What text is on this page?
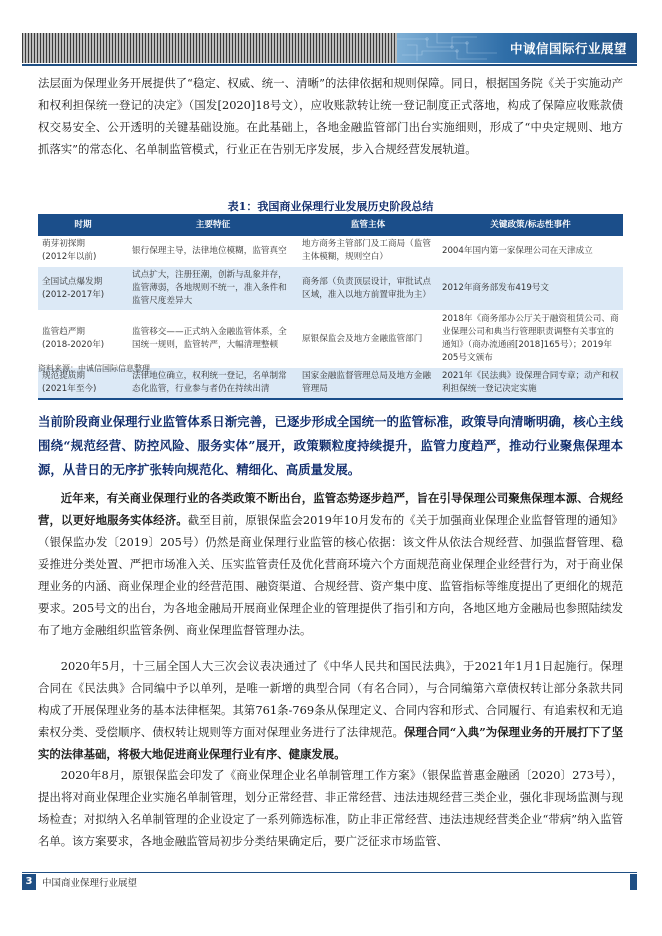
中诚信国际行业展望

法层面为保理业务开展提供了“稳定、权威、统一、清晰”的法律依据和规则保障。同日，根据国务院《关于实施动产和权利担保统一登记的决定》（国发[2020]18号文），应收账款转让统一登记制度正式落地，构成了保障应收账款债权交易安全、公开透明的关键基础设施。在此基础上，各地金融监管部门出台实施细则，形成了“中央定规则、地方抓落实”的常态化、名单制监管模式，行业正在告别无序发展，步入合规经营发展轨道。

表1：我国商业保理行业发展历史阶段总结
时期	主要特征	监管主体	关键政策/标志性事件
萌芽初探期
(2012年以前)	银行保理主导，法律地位模糊，监管真空	地方商务主管部门及工商局（监管主体模糊，规则空白）	2004年国内第一家保理公司在天津成立
全国试点爆发期
(2012-2017年)	试点扩大，注册狂潮，创新与乱象并存，监管薄弱，各地规则不统一，准入条件和监管尺度差异大	商务部（负责顶层设计，审批试点区域，准入以地方前置审批为主）	2012年商务部发布419号文
监管趋严期
(2018-2020年)	监管移交——正式纳入金融监管体系，全国统一规则，监管转严，大幅清理整顿	原银保监会及地方金融监管部门	2018年《商务部办公厅关于融资租赁公司、商业保理公司和典当行管理职责调整有关事宜的通知》（商办流通函[2018]165号）；2019年205号文颁布
规范提质期
(2021年至今)	法律地位确立，权利统一登记，名单制常态化监管，行业参与者仍在持续出清	国家金融监督管理总局及地方金融管理局	2021年《民法典》设保理合同专章；动产和权利担保统一登记决定实施
资料来源：中诚信国际信息整理

当前阶段商业保理行业监管体系日渐完善，已逐步形成全国统一的监管标准，政策导向清晰明确，核心主线围绕“规范经营、防控风险、服务实体”展开，政策颗粒度持续提升，监管力度趋严，推动行业聚焦保理本源，从昔日的无序扩张转向规范化、精细化、高质量发展。

近年来，有关商业保理行业的各类政策不断出台，监管态势逐步趋严，旨在引导保理公司聚焦保理本源、合规经营，以更好地服务实体经济。截至目前，原银保监会2019年10月发布的《关于加强商业保理企业监督管理的通知》（银保监办发〔2019〕205号）仍然是商业保理行业监管的核心依据：该文件从依法合规经营、加强监督管理、稳妥推进分类处置、严把市场准入关、压实监管责任及优化营商环境六个方面规范商业保理企业经营行为，对于商业保理业务的内涵、商业保理企业的经营范围、融资渠道、合规经营、资产集中度、监管指标等维度提出了更细化的规范要求。205号文的出台，为各地金融局开展商业保理企业的管理提供了指引和方向，各地区地方金融局也参照陆续发布了地方金融组织监管条例、商业保理监督管理办法。

2020年5月，十三届全国人大三次会议表决通过了《中华人民共和国民法典》，于2021年1月1日起施行。保理合同在《民法典》合同编中予以单列，是唯一新增的典型合同（有名合同），与合同编第六章债权转让部分条款共同构成了开展保理业务的基本法律框架。其第761条-769条从保理定义、合同内容和形式、合同履行、有追索权和无追索权分类、受偿顺序、债权转让规则等方面对保理业务进行了法律规范。保理合同“入典”为保理业务的开展打下了坚实的法律基础，将极大地促进商业保理行业有序、健康发展。

2020年8月，原银保监会印发了《商业保理企业名单制管理工作方案》（银保监普惠金融函〔2020〕273号），提出将对商业保理企业实施名单制管理，划分正常经营、非正常经营、违法违规经营三类企业，强化非现场监测与现场检查；对拟纳入名单制管理的企业设定了一系列筛选标准，防止非正常经营、违法违规经营类企业“带病”纳入监管名单。该方案要求，各地金融监管局初步分类结果确定后，要广泛征求市场监管、

3	中国商业保理行业展望
